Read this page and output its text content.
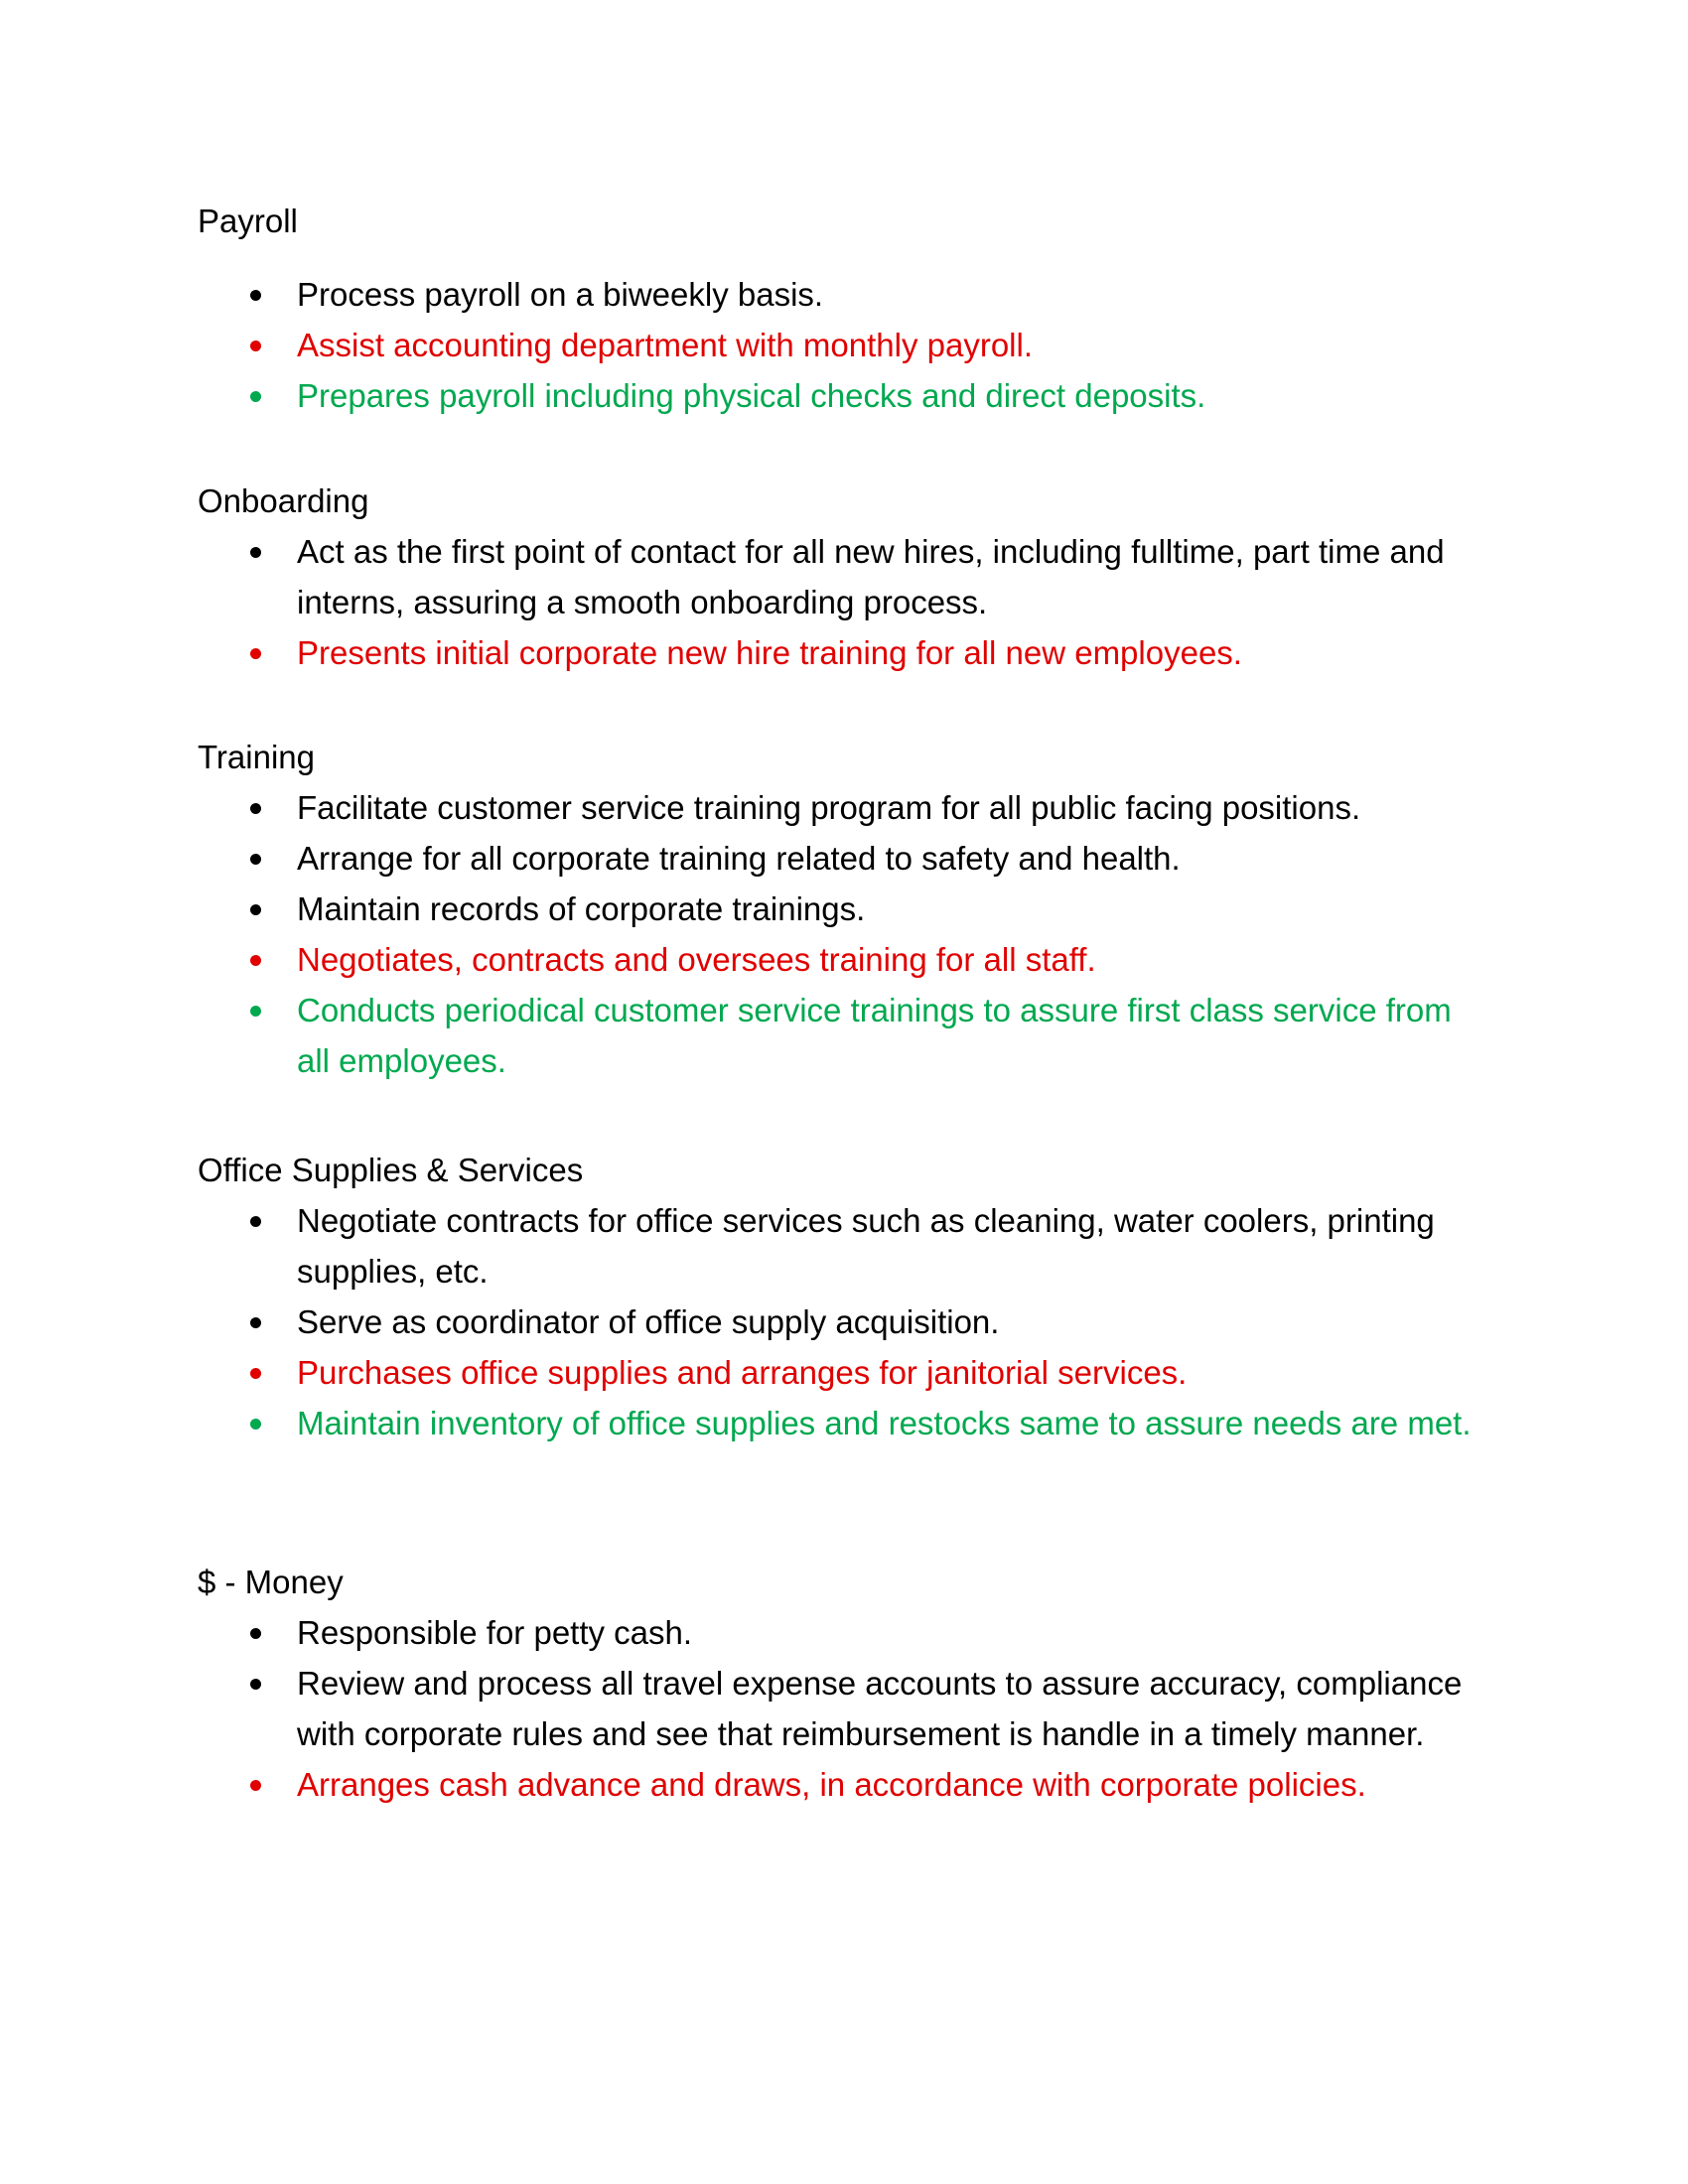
Payroll
Process payroll on a biweekly basis.
Assist accounting department with monthly payroll.
Prepares payroll including physical checks and direct deposits.
Onboarding
Act as the first point of contact for all new hires, including fulltime, part time and interns, assuring a smooth onboarding process.
Presents initial corporate new hire training for all new employees.
Training
Facilitate customer service training program for all public facing positions.
Arrange for all corporate training related to safety and health.
Maintain records of corporate trainings.
Negotiates, contracts and oversees training for all staff.
Conducts periodical customer service trainings to assure first class service from all employees.
Office Supplies & Services
Negotiate contracts for office services such as cleaning, water coolers, printing supplies, etc.
Serve as coordinator of office supply acquisition.
Purchases office supplies and arranges for janitorial services.
Maintain inventory of office supplies and restocks same to assure needs are met.
$ - Money
Responsible for petty cash.
Review and process all travel expense accounts to assure accuracy, compliance with corporate rules and see that reimbursement is handle in a timely manner.
Arranges cash advance and draws, in accordance with corporate policies.
